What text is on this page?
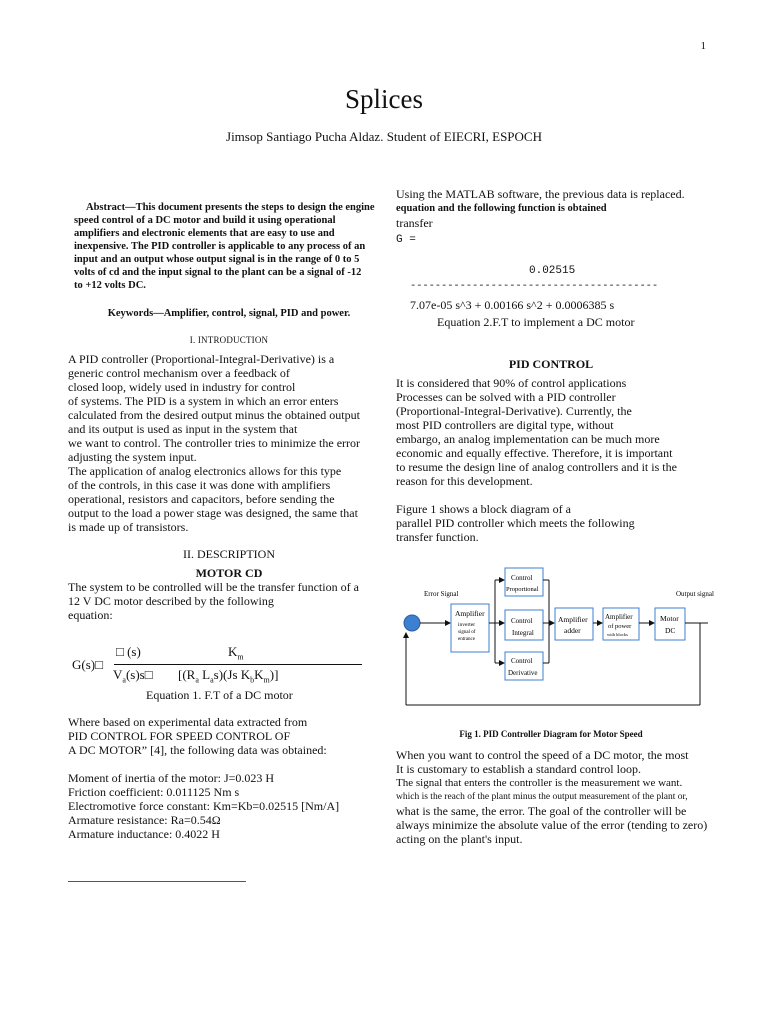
1
Splices
Jimsop Santiago Pucha Aldaz. Student of EIECRI, ESPOCH
Abstract—This document presents the steps to design the engine
speed control of a DC motor and build it using operational
amplifiers and electronic elements that are easy to use and
inexpensive. The PID controller is applicable to any process of an
input and an output whose output signal is in the range of 0 to 5
volts of cd and the input signal to the plant can be a signal of -12
to +12 volts DC.
Keywords—Amplifier, control, signal, PID and power.
I. INTRODUCTION
A PID controller (Proportional-Integral-Derivative) is a
generic control mechanism over a feedback of
closed loop, widely used in industry for control
of systems. The PID is a system in which an error enters
calculated from the desired output minus the obtained output
and its output is used as input in the system that
we want to control. The controller tries to minimize the error
adjusting the system input.
The application of analog electronics allows for this type
of the controls, in this case it was done with amplifiers
operational, resistors and capacitors, before sending the
output to the load a power stage was designed, the same that
is made up of transistors.
II. DESCRIPTION
MOTOR CD
The system to be controlled will be the transfer function of a
12 V DC motor described by the following
equation:
G(s)□
□ (s)
$V_a(s)s□$
$K_m$
[($R_a$ $L_as)(Js$ $K_bK_m$)]
Equation 1. F.T of a DC motor
Where based on experimental data extracted from
PID CONTROL FOR SPEED CONTROL OF
A DC MOTOR” [4], the following data was obtained:
Moment of inertia of the motor: J=0.023 H
Friction coefficient: 0.011125 Nm s
Electromotive force constant: Km=Kb=0.02515 [Nm/A]
Armature resistance: Ra=0.54Ω
Armature inductance: 0.4022 H
Using the MATLAB software, the previous data is replaced.
equation and the following function is obtained
transfer
G =
0.02515
----------------------------------------
7.07e-05 s^3 + 0.00166 s^2 + 0.0006385 s
Equation 2.F.T to implement a DC motor
PID CONTROL
It is considered that 90% of control applications
Processes can be solved with a PID controller
(Proportional-Integral-Derivative). Currently, the
most PID controllers are digital type, without
embargo, an analog implementation can be much more
economic and equally effective. Therefore, it is important
to resume the design line of analog controllers and it is the
reason for this development.
Figure 1 shows a block diagram of a
parallel PID controller which meets the following
transfer function.
Error Signal	Output signal
Amplifier
inverter
signal of
entrance
Control
Proportional
Control
Integral
Control
Derivative
Amplifier
adder
Amplifier
of power
with blocks
Motor
DC
Fig 1. PID Controller Diagram for Motor Speed
When you want to control the speed of a DC motor, the most
It is customary to establish a standard control loop.
The signal that enters the controller is the measurement we want.
which is the reach of the plant minus the output measurement of the plant or,
what is the same, the error. The goal of the controller will be
always minimize the absolute value of the error (tending to zero)
acting on the plant's input.
